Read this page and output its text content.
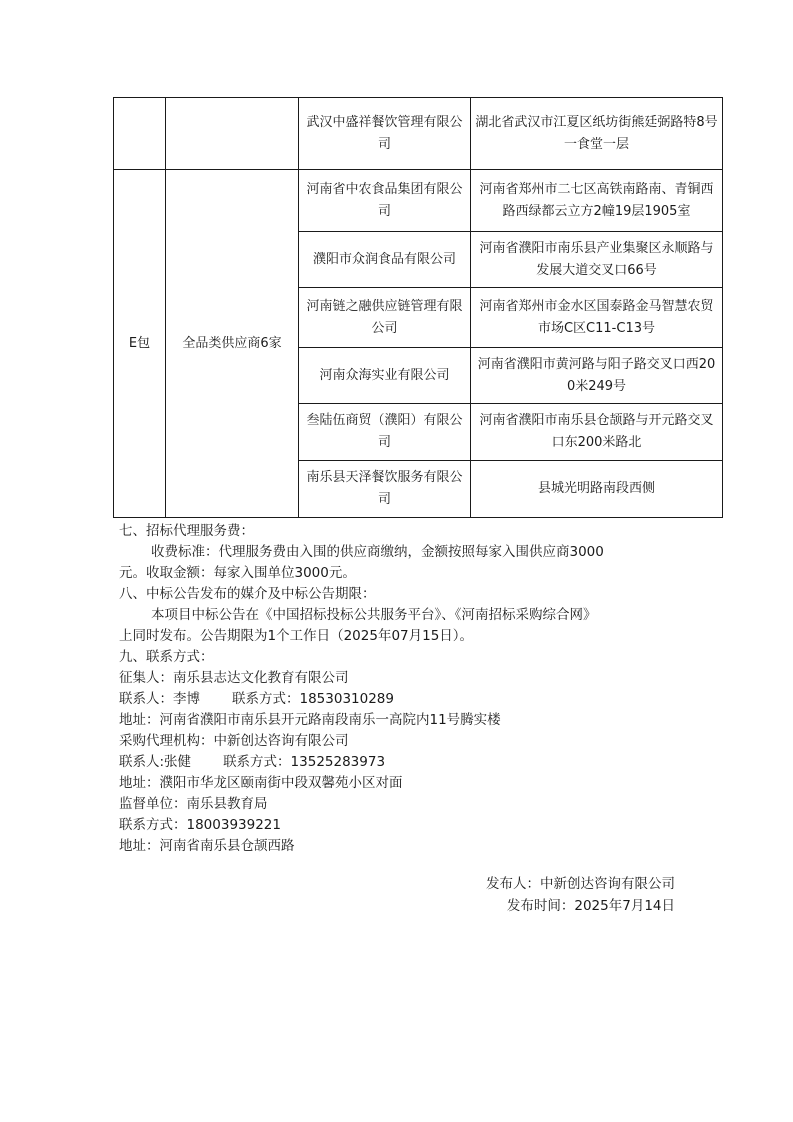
		武汉中盛祥餐饮管理有限公司	湖北省武汉市江夏区纸坊街熊廷弼路特8号一食堂一层
E包	全品类供应商6家	河南省中农食品集团有限公司	河南省郑州市二七区高铁南路南、青铜西路西绿都云立方2幢19层1905室
		濮阳市众润食品有限公司	河南省濮阳市南乐县产业集聚区永顺路与发展大道交叉口66号
		河南链之融供应链管理有限公司	河南省郑州市金水区国泰路金马智慧农贸市场C区C11-C13号
		河南众海实业有限公司	河南省濮阳市黄河路与阳子路交叉口西200米249号
		叁陆伍商贸（濮阳）有限公司	河南省濮阳市南乐县仓颉路与开元路交叉口东200米路北
		南乐县天泽餐饮服务有限公司	县城光明路南段西侧

七、招标代理服务费：

收费标准：代理服务费由入围的供应商缴纳，金额按照每家入围供应商3000

元。收取金额：每家入围单位3000元。

八、中标公告发布的媒介及中标公告期限：

本项目中标公告在《中国招标投标公共服务平台》、《河南招标采购综合网》

上同时发布。公告期限为1个工作日（2025年07月15日）。

九、联系方式：

征集人：南乐县志达文化教育有限公司

联系人：李博 联系方式：18530310289

地址：河南省濮阳市南乐县开元路南段南乐一高院内11号腾实楼

采购代理机构：中新创达咨询有限公司

联系人:张健 联系方式：13525283973

地址：濮阳市华龙区颐南街中段双馨苑小区对面

监督单位：南乐县教育局

联系方式：18003939221

地址：河南省南乐县仓颉西路

发布人：中新创达咨询有限公司

发布时间：2025年7月14日
